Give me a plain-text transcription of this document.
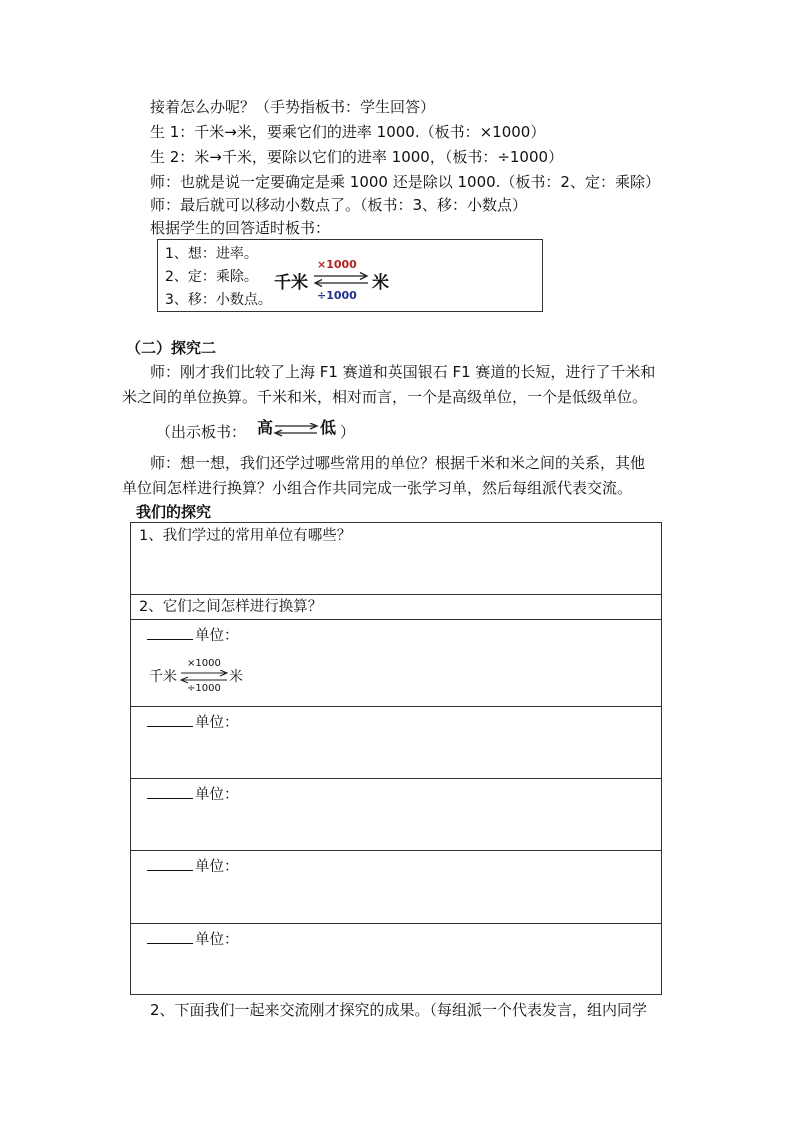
接着怎么办呢？（手势指板书：学生回答）
生 1：千米→米，要乘它们的进率 1000.（板书：×1000）
生 2：米→千米，要除以它们的进率 1000，（板书：÷1000）
师：也就是说一定要确定是乘 1000 还是除以 1000.（板书：2、定：乘除）
师：最后就可以移动小数点了。（板书：3、移：小数点）
根据学生的回答适时板书：
1、想：进率。
2、定：乘除。
3、移：小数点。
千米
×1000
米
÷1000
（二）探究二
师：刚才我们比较了上海 F1 赛道和英国银石 F1 赛道的长短，进行了千米和
米之间的单位换算。千米和米，相对而言，一个是高级单位，一个是低级单位。
（出示板书： 高	低 ）
师：想一想，我们还学过哪些常用的单位？根据千米和米之间的关系，其他
单位间怎样进行换算？小组合作共同完成一张学习单，然后每组派代表交流。
我们的探究
1、我们学过的常用单位有哪些？
2、它们之间怎样进行换算？
单位：
千米
×1000
米
÷1000
单位：
单位：
单位：
单位：
2、下面我们一起来交流刚才探究的成果。（每组派一个代表发言，组内同学
